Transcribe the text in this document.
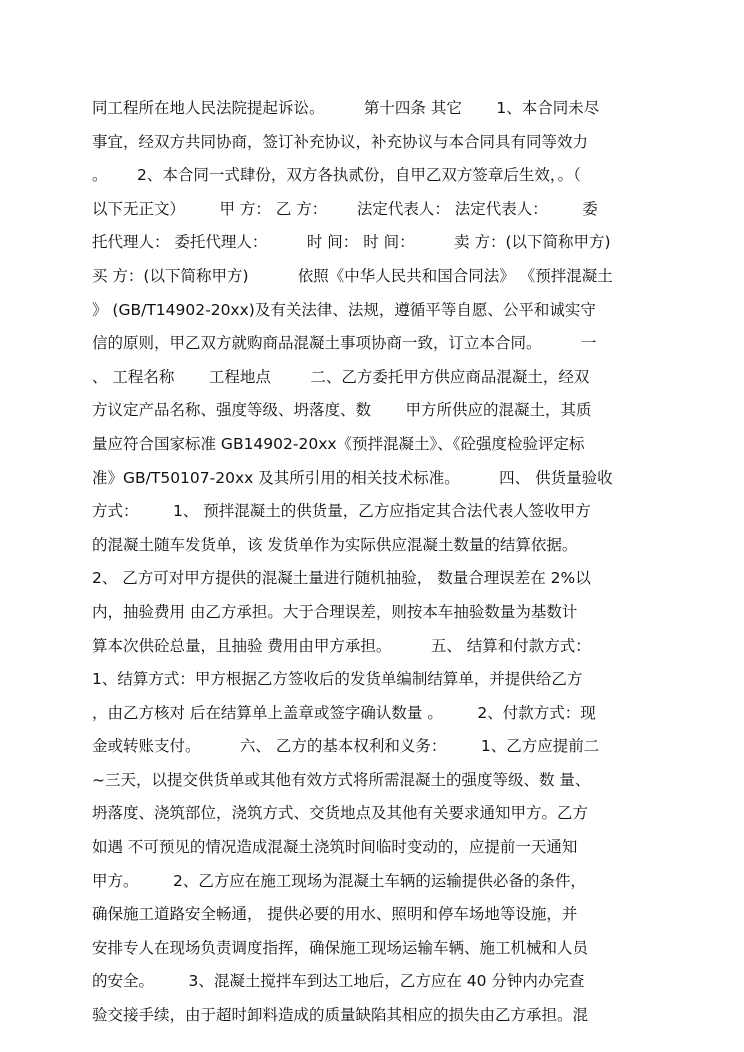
同工程所在地人民法院提起诉讼。        第十四条 其它       1、本合同未尽
事宜，经双方共同协商，签订补充协议，补充协议与本合同具有同等效力
。      2、本合同一式肆份，双方各执贰份，自甲乙双方签章后生效，。（
以下无正文）       甲 方： 乙 方：      法定代表人： 法定代表人：       委
托代理人： 委托代理人：        时 间： 时 间：        卖 方：(以下简称甲方)
买 方：(以下简称甲方)          依照《中华人民共和国合同法》 《预拌混凝土
》 (GB/T14902-20xx)及有关法律、法规，遵循平等自愿、公平和诚实守
信的原则，甲乙双方就购商品混凝土事项协商一致，订立本合同。        一
、 工程名称       工程地点        二、乙方委托甲方供应商品混凝土，经双
方议定产品名称、强度等级、坍落度、数       甲方所供应的混凝土，其质
量应符合国家标准 GB14902-20xx《预拌混凝土》、《砼强度检验评定标
准》GB/T50107-20xx 及其所引用的相关技术标准。        四、 供货量验收
方式：       1、 预拌混凝土的供货量，乙方应指定其合法代表人签收甲方
的混凝土随车发货单，该 发货单作为实际供应混凝土数量的结算依据。
2、 乙方可对甲方提供的混凝土量进行随机抽验， 数量合理误差在 2%以
内，抽验费用 由乙方承担。大于合理误差，则按本车抽验数量为基数计
算本次供砼总量，且抽验 费用由甲方承担。        五、 结算和付款方式：
1、结算方式：甲方根据乙方签收后的发货单编制结算单，并提供给乙方
，由乙方核对 后在结算单上盖章或签字确认数量 。       2、付款方式：现
金或转账支付。        六、 乙方的基本权利和义务：       1、乙方应提前二
~三天，以提交供货单或其他有效方式将所需混凝土的强度等级、数 量、
坍落度、浇筑部位，浇筑方式、交货地点及其他有关要求通知甲方。乙方
如遇 不可预见的情况造成混凝土浇筑时间临时变动的，应提前一天通知
甲方。       2、乙方应在施工现场为混凝土车辆的运输提供必备的条件，
确保施工道路安全畅通， 提供必要的用水、照明和停车场地等设施，并
安排专人在现场负责调度指挥，确保施工现场运输车辆、施工机械和人员
的安全。       3、混凝土搅拌车到达工地后，乙方应在 40 分钟内办完查
验交接手续，由于超时卸料造成的质量缺陷其相应的损失由乙方承担。混
